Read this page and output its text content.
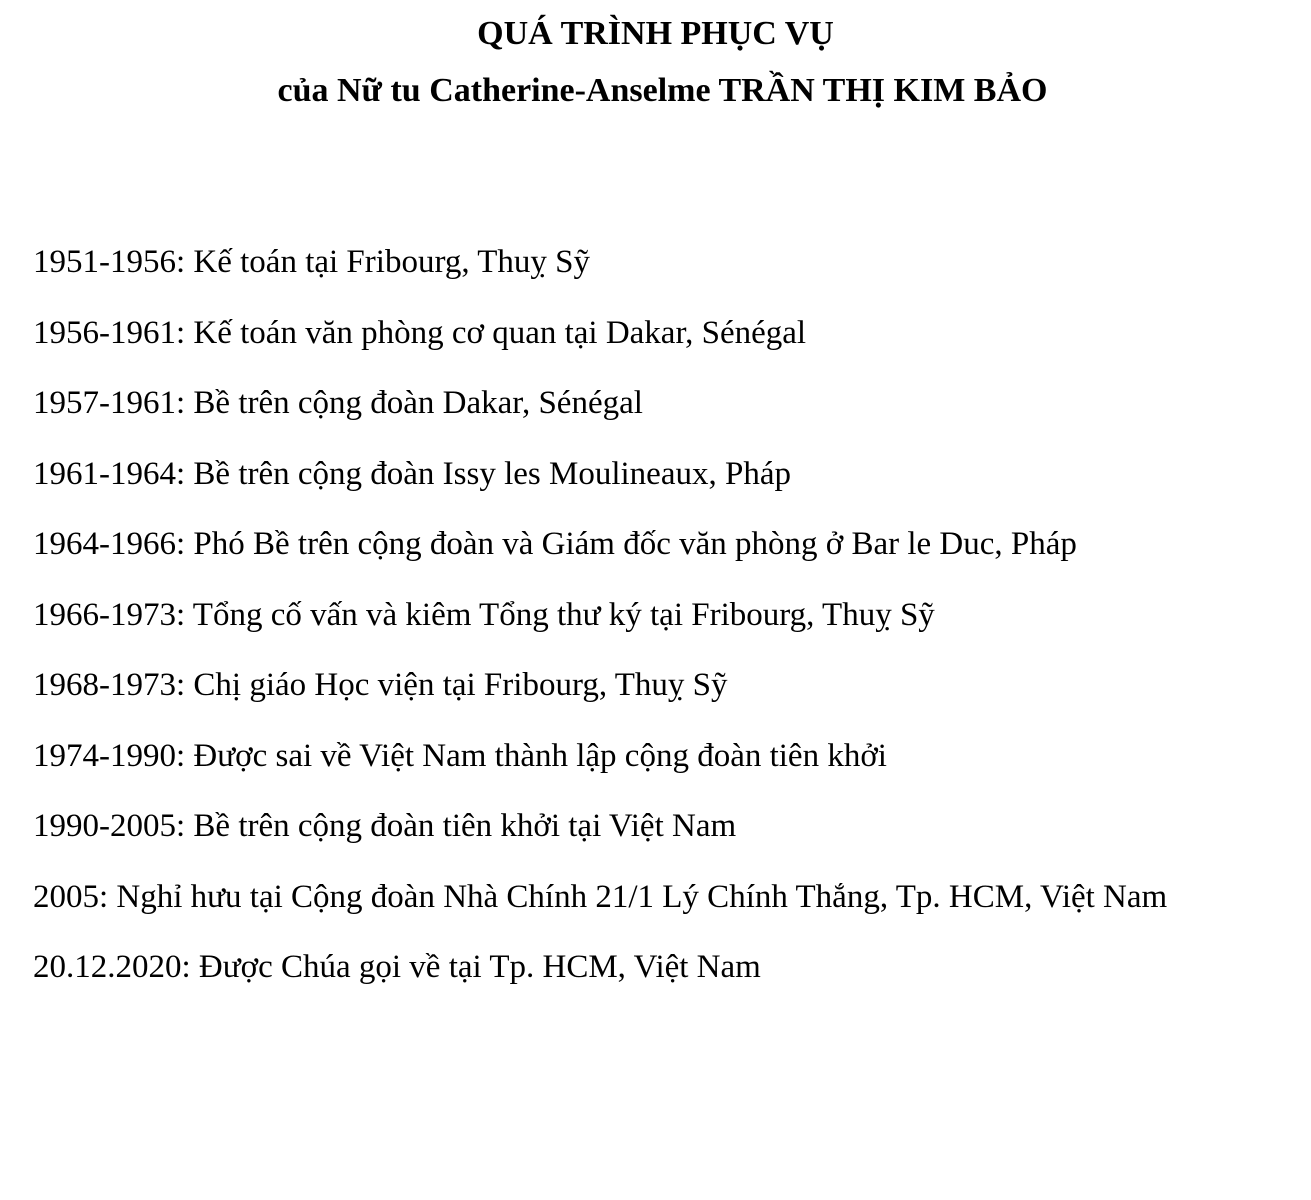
QUÁ TRÌNH PHỤC VỤ
của Nữ tu Catherine-Anselme TRẦN THỊ KIM BẢO
1951-1956: Kế toán tại Fribourg, Thuỵ Sỹ
1956-1961: Kế toán văn phòng cơ quan tại Dakar, Sénégal
1957-1961: Bề trên cộng đoàn Dakar, Sénégal
1961-1964: Bề trên cộng đoàn Issy les Moulineaux, Pháp
1964-1966: Phó Bề trên cộng đoàn và Giám đốc văn phòng ở Bar le Duc, Pháp
1966-1973: Tổng cố vấn và kiêm Tổng thư ký tại Fribourg, Thuỵ Sỹ
1968-1973: Chị giáo Học viện tại Fribourg, Thuỵ Sỹ
1974-1990: Được sai về Việt Nam thành lập cộng đoàn tiên khởi
1990-2005: Bề trên cộng đoàn tiên khởi tại Việt Nam
2005: Nghỉ hưu tại Cộng đoàn Nhà Chính 21/1 Lý Chính Thắng, Tp. HCM, Việt Nam
20.12.2020: Được Chúa gọi về tại Tp. HCM, Việt Nam
